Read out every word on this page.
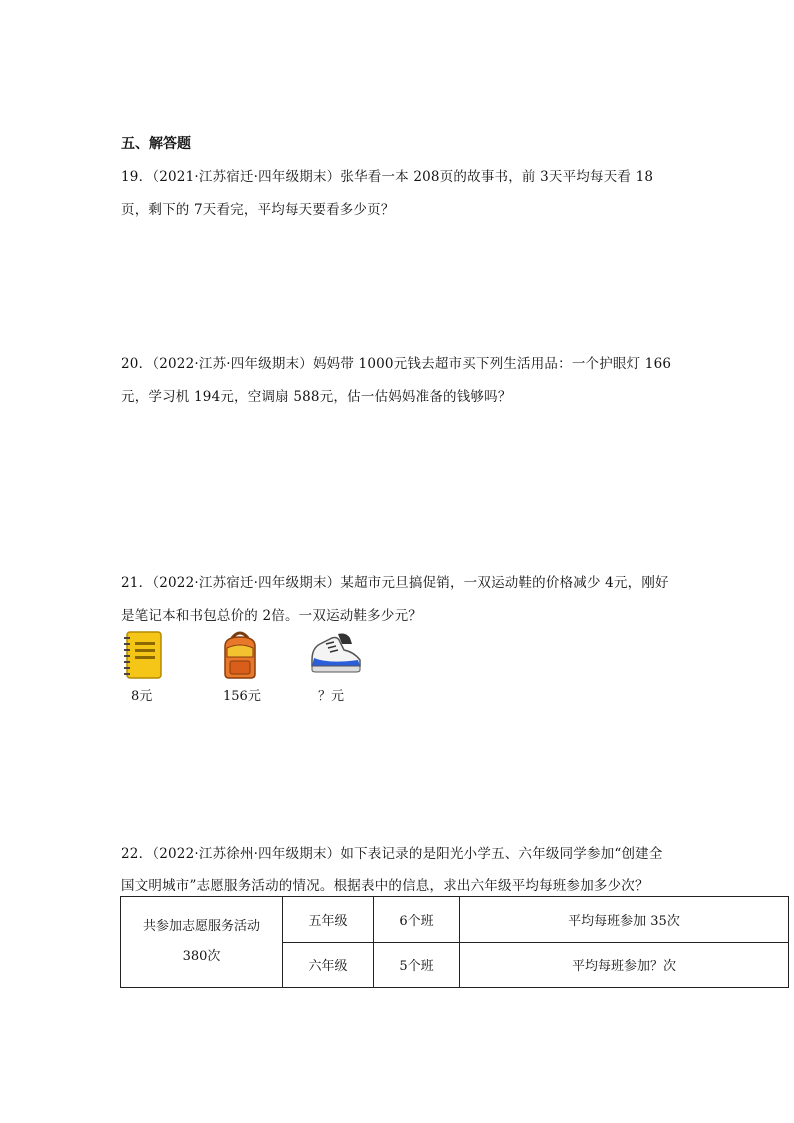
五、解答题
19．（2021·江苏宿迁·四年级期末）张华看一本 208页的故事书，前 3天平均每天看 18
页，剩下的 7天看完，平均每天要看多少页？
20．（2022·江苏·四年级期末）妈妈带 1000元钱去超市买下列生活用品：一个护眼灯 166
元，学习机 194元，空调扇 588元，估一估妈妈准备的钱够吗？
21．（2022·江苏宿迁·四年级期末）某超市元旦搞促销，一双运动鞋的价格减少 4元，刚好
是笔记本和书包总价的 2倍。一双运动鞋多少元？
8元	156元	？元
22．（2022·江苏徐州·四年级期末）如下表记录的是阳光小学五、六年级同学参加“创建全
国文明城市”志愿服务活动的情况。根据表中的信息，求出六年级平均每班参加多少次？
共参加志愿服务活动
380次	五年级	6个班	平均每班参加 35次
	六年级	5个班	平均每班参加？次
